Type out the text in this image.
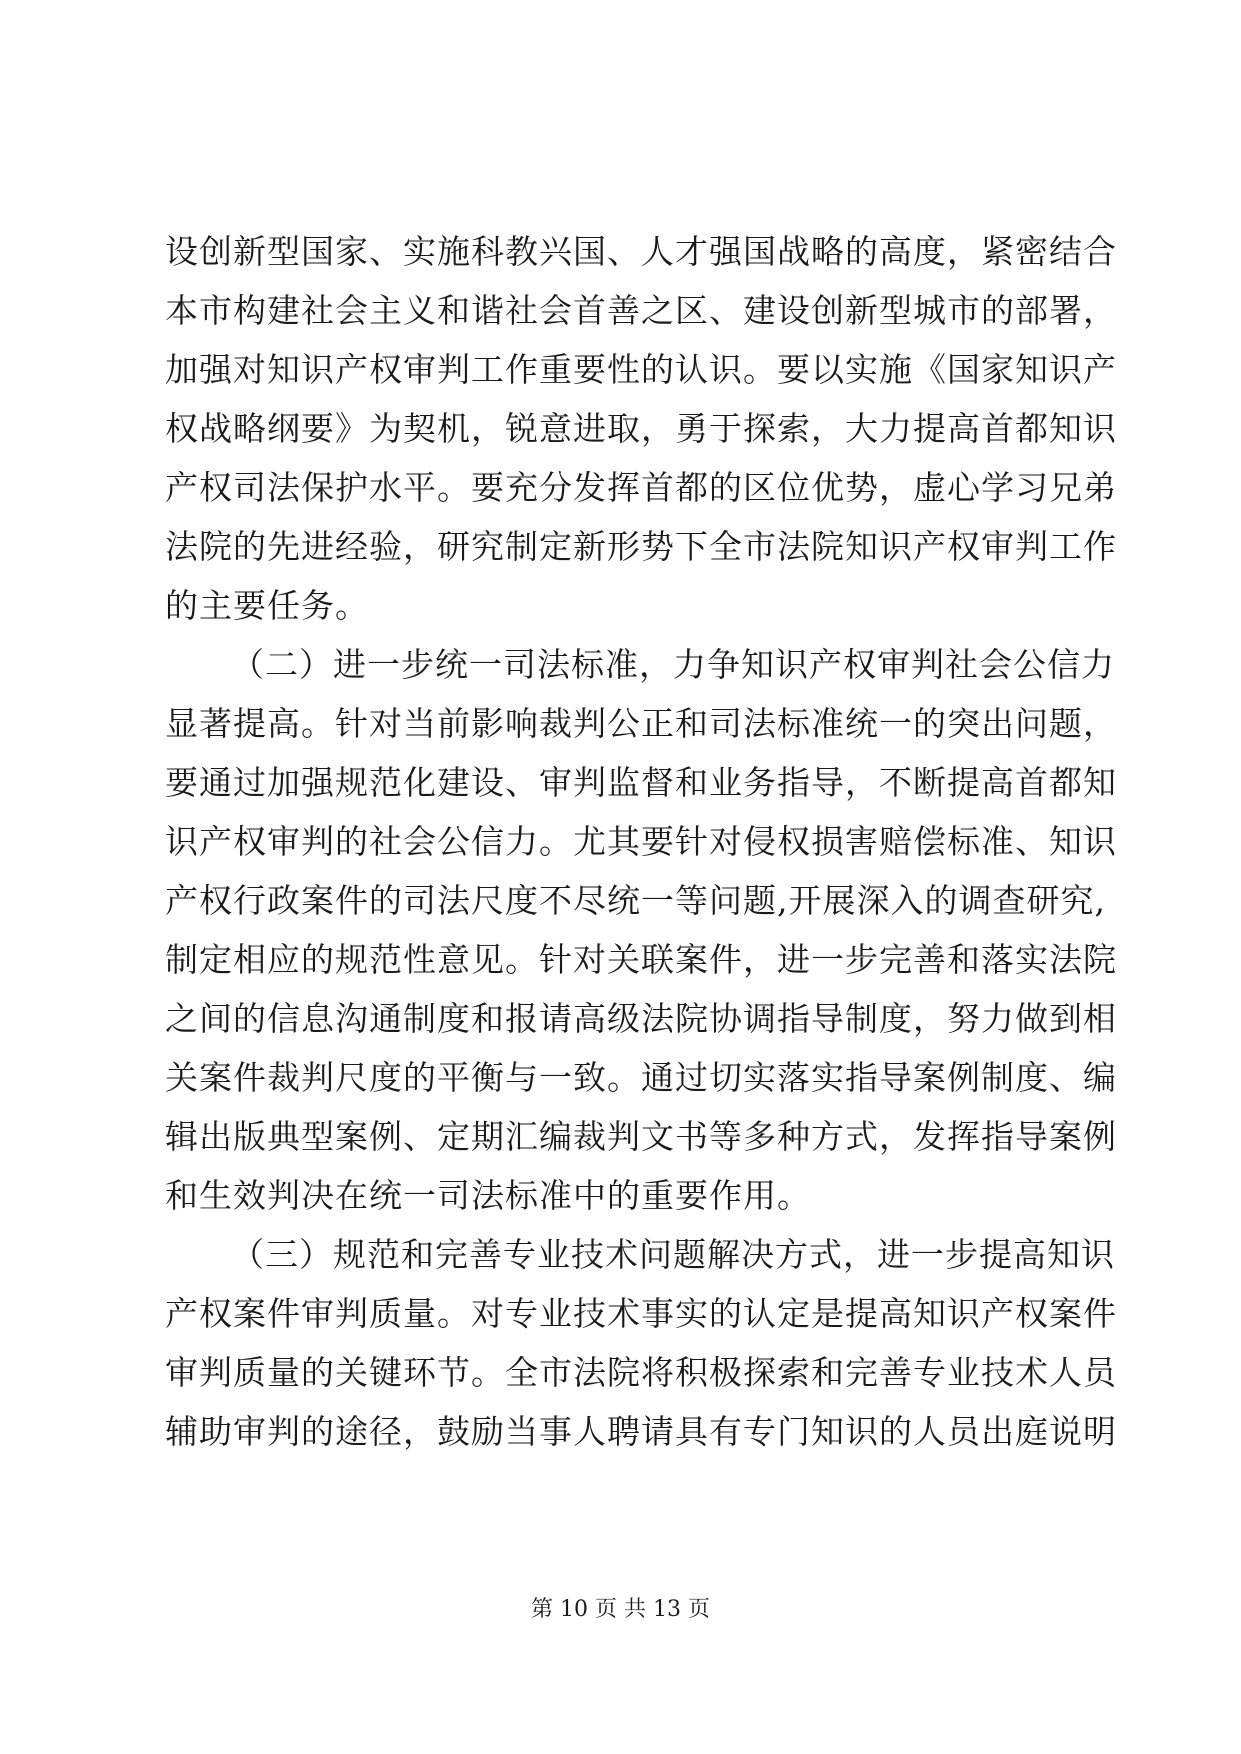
设创新型国家、实施科教兴国、人才强国战略的高度，紧密结合
本市构建社会主义和谐社会首善之区、建设创新型城市的部署，
加强对知识产权审判工作重要性的认识。要以实施《国家知识产
权战略纲要》为契机，锐意进取，勇于探索，大力提高首都知识
产权司法保护水平。要充分发挥首都的区位优势，虚心学习兄弟
法院的先进经验，研究制定新形势下全市法院知识产权审判工作
的主要任务。
（二）进一步统一司法标准，力争知识产权审判社会公信力
显著提高。针对当前影响裁判公正和司法标准统一的突出问题，
要通过加强规范化建设、审判监督和业务指导，不断提高首都知
识产权审判的社会公信力。尤其要针对侵权损害赔偿标准、知识
产权行政案件的司法尺度不尽统一等问题,开展深入的调查研究,
制定相应的规范性意见。针对关联案件，进一步完善和落实法院
之间的信息沟通制度和报请高级法院协调指导制度，努力做到相
关案件裁判尺度的平衡与一致。通过切实落实指导案例制度、编
辑出版典型案例、定期汇编裁判文书等多种方式，发挥指导案例
和生效判决在统一司法标准中的重要作用。
（三）规范和完善专业技术问题解决方式，进一步提高知识
产权案件审判质量。对专业技术事实的认定是提高知识产权案件
审判质量的关键环节。全市法院将积极探索和完善专业技术人员
辅助审判的途径，鼓励当事人聘请具有专门知识的人员出庭说明
第 10 页 共 13 页
